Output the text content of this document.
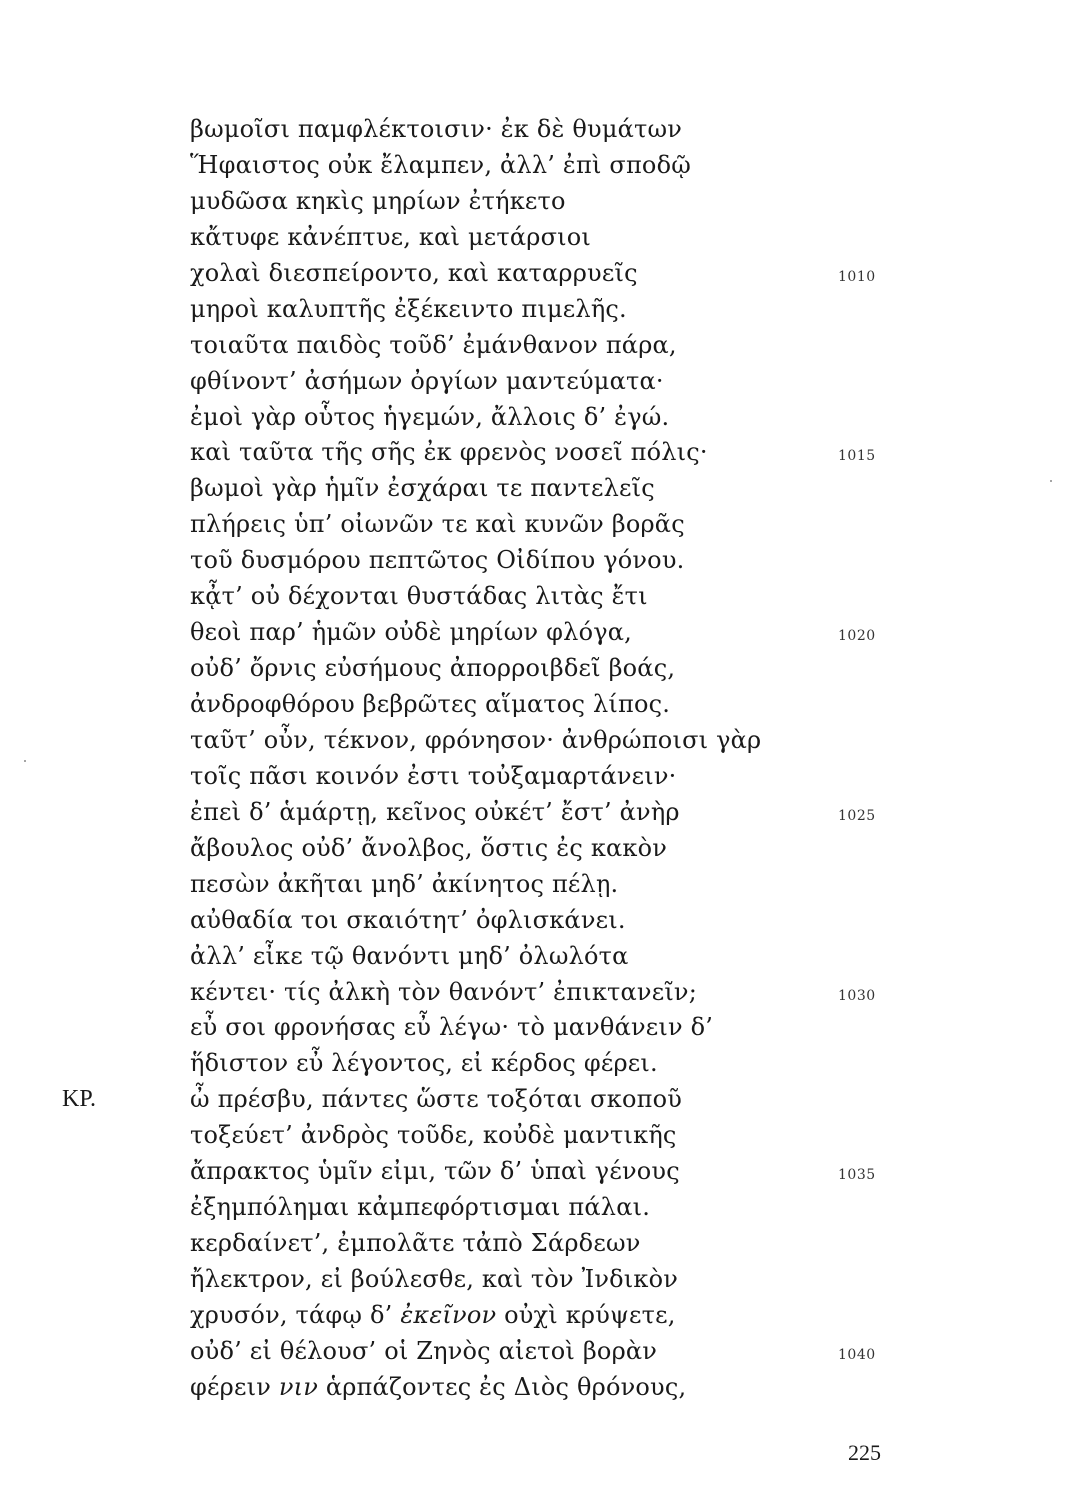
βωμοῖσι παμφλέκτοισιν· ἐκ δὲ θυμάτων
Ἥφαιστος οὐκ ἔλαμπεν, ἀλλ’ ἐπὶ σποδῷ
μυδῶσα κηκὶς μηρίων ἐτήκετο
κἄτυφε κἀνέπτυε, καὶ μετάρσιοι
χολαὶ διεσπείροντο, καὶ καταρρυεῖς	1010
μηροὶ καλυπτῆς ἐξέκειντο πιμελῆς.
τοιαῦτα παιδὸς τοῦδ’ ἐμάνθανον πάρα,
φθίνοντ’ ἀσήμων ὀργίων μαντεύματα·
ἐμοὶ γὰρ οὗτος ἡγεμών, ἄλλοις δ’ ἐγώ.
καὶ ταῦτα τῆς σῆς ἐκ φρενὸς νοσεῖ πόλις·	1015
βωμοὶ γὰρ ἡμῖν ἐσχάραι τε παντελεῖς
πλήρεις ὑπ’ οἰωνῶν τε καὶ κυνῶν βορᾶς
τοῦ δυσμόρου πεπτῶτος Οἰδίπου γόνου.
κᾆτ’ οὐ δέχονται θυστάδας λιτὰς ἔτι
θεοὶ παρ’ ἡμῶν οὐδὲ μηρίων φλόγα,	1020
οὐδ’ ὄρνις εὐσήμους ἀπορροιβδεῖ βοάς,
ἀνδροφθόρου βεβρῶτες αἵματος λίπος.
ταῦτ’ οὖν, τέκνον, φρόνησον· ἀνθρώποισι γὰρ
τοῖς πᾶσι κοινόν ἐστι τοὐξαμαρτάνειν·
ἐπεὶ δ’ ἁμάρτῃ, κεῖνος οὐκέτ’ ἔστ’ ἀνὴρ	1025
ἄβουλος οὐδ’ ἄνολβος, ὅστις ἐς κακὸν
πεσὼν ἀκῆται μηδ’ ἀκίνητος πέλῃ.
αὐθαδία τοι σκαιότητ’ ὀφλισκάνει.
ἀλλ’ εἶκε τῷ θανόντι μηδ’ ὀλωλότα
κέντει· τίς ἀλκὴ τὸν θανόντ’ ἐπικτανεῖν;	1030
εὖ σοι φρονήσας εὖ λέγω· τὸ μανθάνειν δ’
ἥδιστον εὖ λέγοντος, εἰ κέρδος φέρει.
ΚΡ.	ὦ πρέσβυ, πάντες ὥστε τοξόται σκοποῦ
τοξεύετ’ ἀνδρὸς τοῦδε, κοὐδὲ μαντικῆς
ἄπρακτος ὑμῖν εἰμι, τῶν δ’ ὑπαὶ γένους	1035
ἐξημπόλημαι κἀμπεφόρτισμαι πάλαι.
κερδαίνετ’, ἐμπολᾶτε τἀπὸ Σάρδεων
ἤλεκτρον, εἰ βούλεσθε, καὶ τὸν Ἰνδικὸν
χρυσόν, τάφῳ δ’ ἐκεῖνον οὐχὶ κρύψετε,
οὐδ’ εἰ θέλουσ’ οἱ Ζηνὸς αἰετοὶ βορὰν	1040
φέρειν νιν ἁρπάζοντες ἐς Διὸς θρόνους,
225
